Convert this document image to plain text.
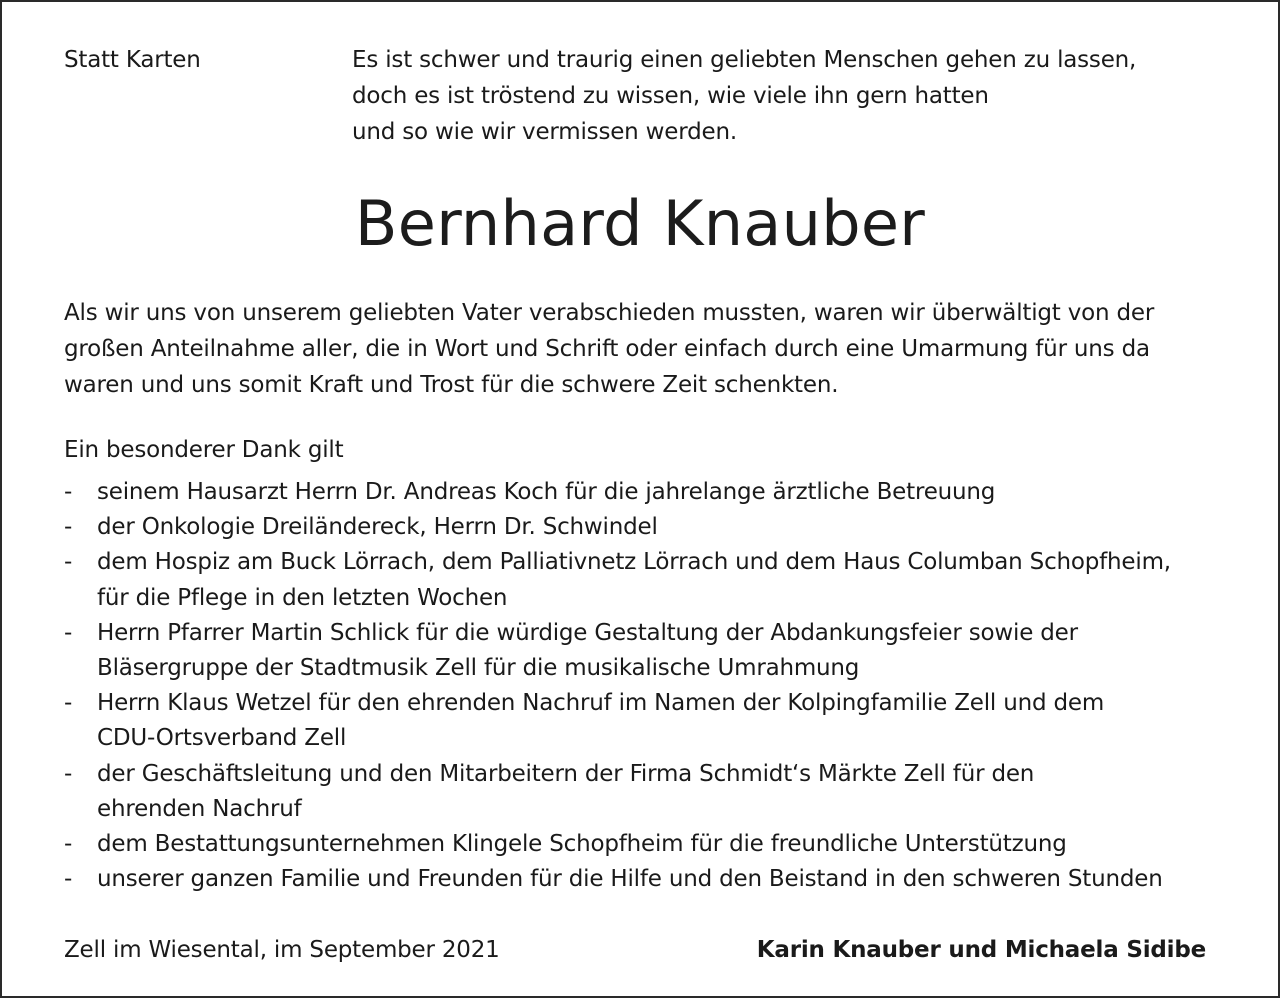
Statt Karten	Es ist schwer und traurig einen geliebten Menschen gehen zu lassen,
doch es ist tröstend zu wissen, wie viele ihn gern hatten
und so wie wir vermissen werden.
Bernhard Knauber
Als wir uns von unserem geliebten Vater verabschieden mussten, waren wir überwältigt von der
großen Anteilnahme aller, die in Wort und Schrift oder einfach durch eine Umarmung für uns da
waren und uns somit Kraft und Trost für die schwere Zeit schenkten.
Ein besonderer Dank gilt
-	seinem Hausarzt Herrn Dr. Andreas Koch für die jahrelange ärztliche Betreuung
-	der Onkologie Dreiländereck, Herrn Dr. Schwindel
-	dem Hospiz am Buck Lörrach, dem Palliativnetz Lörrach und dem Haus Columban Schopfheim,
für die Pflege in den letzten Wochen
-	Herrn Pfarrer Martin Schlick für die würdige Gestaltung der Abdankungsfeier sowie der
Bläsergruppe der Stadtmusik Zell für die musikalische Umrahmung
-	Herrn Klaus Wetzel für den ehrenden Nachruf im Namen der Kolpingfamilie Zell und dem
CDU-Ortsverband Zell
-	der Geschäftsleitung und den Mitarbeitern der Firma Schmidt‘s Märkte Zell für den
ehrenden Nachruf
-	dem Bestattungsunternehmen Klingele Schopfheim für die freundliche Unterstützung
-	unserer ganzen Familie und Freunden für die Hilfe und den Beistand in den schweren Stunden
Zell im Wiesental, im September 2021	Karin Knauber und Michaela Sidibe
